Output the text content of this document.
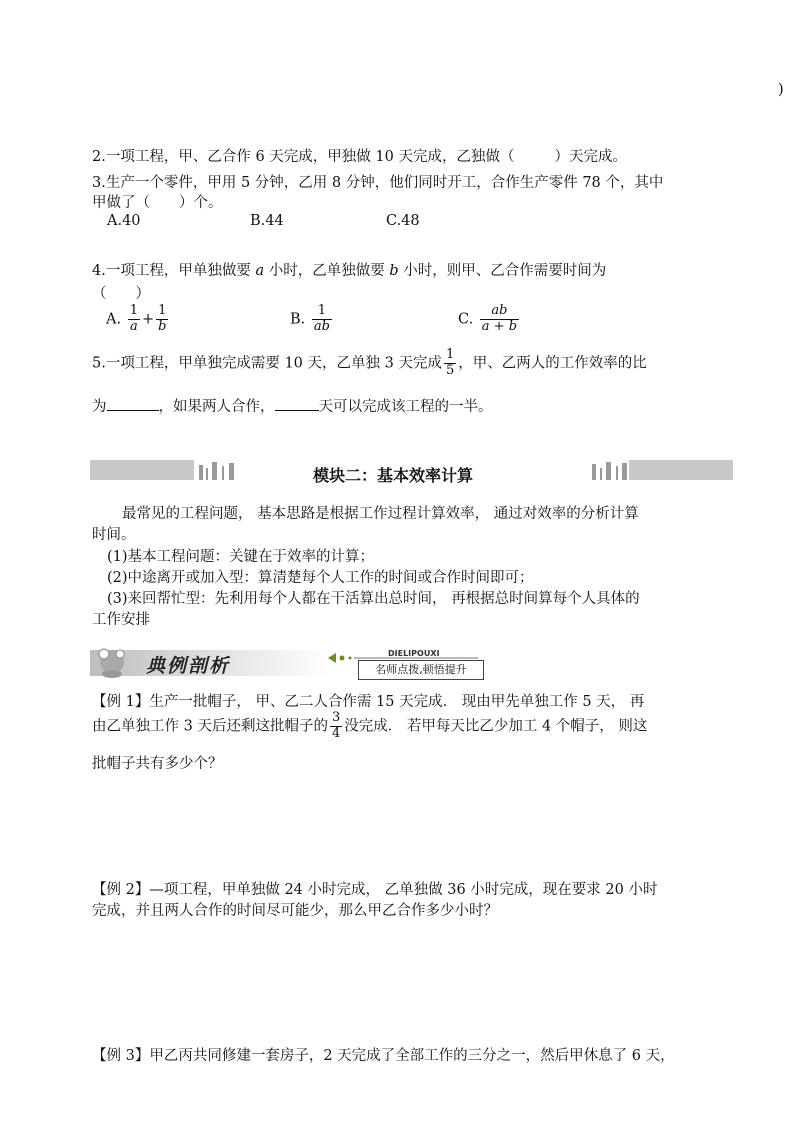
)
2.一项工程，甲、乙合作 6 天完成，甲独做 10 天完成，乙独做（	）天完成。
3.生产一个零件，甲用 5 分钟，乙用 8 分钟，他们同时开工，合作生产零件 78 个，其中
甲做了（　　）个。
A.40	B.44	C.48
4.一项工程，甲单独做要 a 小时，乙单独做要 b 小时，则甲、乙合作需要时间为
（　　）
A. $\frac{1}{a} + \frac{1}{b}$	B. $\frac{1}{ab}$	C. $\frac{ab}{a + b}$
5.一项工程，甲单独完成需要 10 天，乙单独 3 天完成 $\frac{1}{5}$ ，甲、乙两人的工作效率的比
为	，如果两人合作，	天可以完成该工程的一半。
模块二：基本效率计算
最常见的工程问题， 基本思路是根据工作过程计算效率， 通过对效率的分析计算
时间。
(1)基本工程问题：关键在于效率的计算；
(2)中途离开或加入型：算清楚每个人工作的时间或合作时间即可；
(3)来回帮忙型：先利用每个人都在干活算出总时间， 再根据总时间算每个人具体的
工作安排
典例剖析
DIELIPOUXI
名师点拨,顿悟提升
【例 1】生产一批帽子， 甲、乙二人合作需 15 天完成． 现由甲先单独工作 5 天， 再
由乙单独工作 3 天后还剩这批帽子的 $\frac{3}{4}$ 没完成． 若甲每天比乙少加工 4 个帽子， 则这
批帽子共有多少个？
【例 2】—项工程，甲单独做 24 小时完成， 乙单独做 36 小时完成，现在要求 20 小时
完成，并且两人合作的时间尽可能少，那么甲乙合作多少小时？
【例 3】甲乙丙共同修建一套房子，2 天完成了全部工作的三分之一，然后甲休息了 6 天，
